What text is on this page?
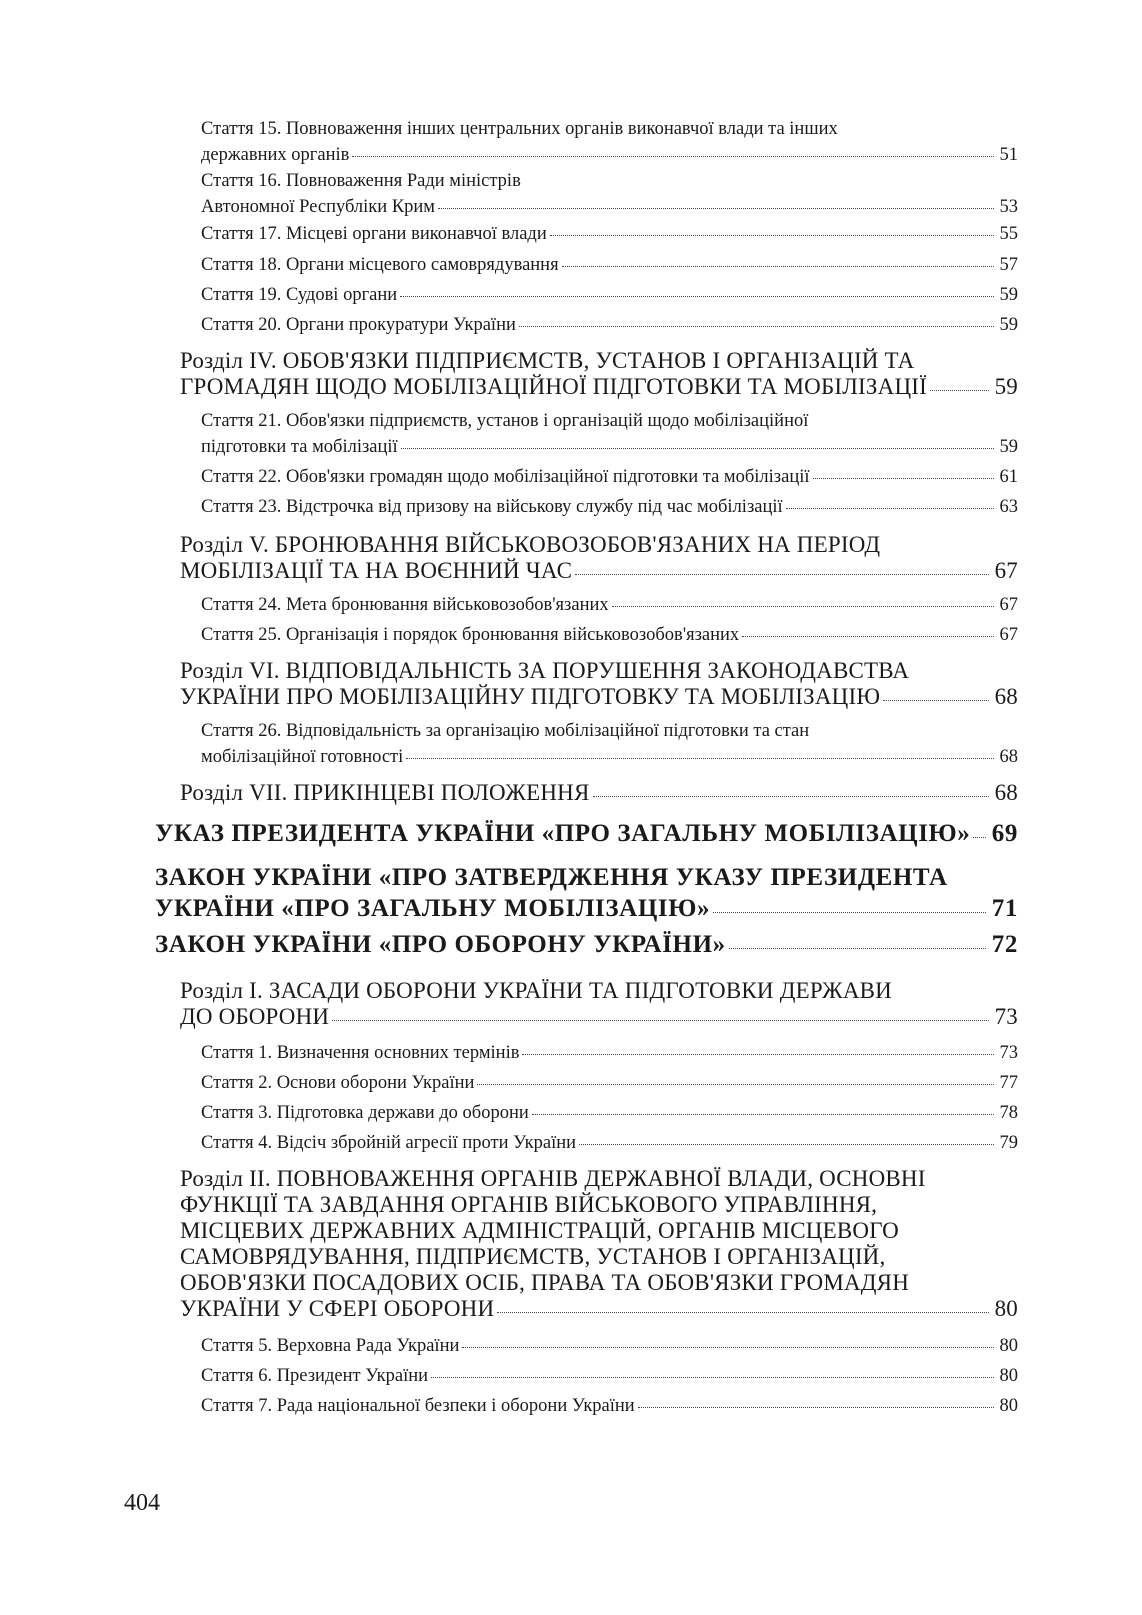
Стаття 15. Повноваження інших центральних органів виконавчої влади та інших
державних органів	51
Стаття 16. Повноваження Ради міністрів
Автономної Республіки Крим	53
Стаття 17. Місцеві органи виконавчої влади	55
Стаття 18. Органи місцевого самоврядування	57
Стаття 19. Судові органи	59
Стаття 20. Органи прокуратури України	59
Розділ IV. ОБОВ'ЯЗКИ ПІДПРИЄМСТВ, УСТАНОВ І ОРГАНІЗАЦІЙ ТА
ГРОМАДЯН ЩОДО МОБІЛІЗАЦІЙНОЇ ПІДГОТОВКИ ТА МОБІЛІЗАЦІЇ	59
Стаття 21. Обов'язки підприємств, установ і організацій щодо мобілізаційної
підготовки та мобілізації	59
Стаття 22. Обов'язки громадян щодо мобілізаційної підготовки та мобілізації	61
Стаття 23. Відстрочка від призову на військову службу під час мобілізації	63
Розділ V. БРОНЮВАННЯ ВІЙСЬКОВОЗОБОВ'ЯЗАНИХ НА ПЕРІОД
МОБІЛІЗАЦІЇ ТА НА ВОЄННИЙ ЧАС	67
Стаття 24. Мета бронювання військовозобов'язаних	67
Стаття 25. Організація і порядок бронювання військовозобов'язаних	67
Розділ VI. ВІДПОВІДАЛЬНІСТЬ ЗА ПОРУШЕННЯ ЗАКОНОДАВСТВА
УКРАЇНИ ПРО МОБІЛІЗАЦІЙНУ ПІДГОТОВКУ ТА МОБІЛІЗАЦІЮ	68
Стаття 26. Відповідальність за організацію мобілізаційної підготовки та стан
мобілізаційної готовності	68
Розділ VII. ПРИКІНЦЕВІ ПОЛОЖЕННЯ	68
УКАЗ ПРЕЗИДЕНТА УКРАЇНИ «ПРО ЗАГАЛЬНУ МОБІЛІЗАЦІЮ» 69
ЗАКОН УКРАЇНИ «ПРО ЗАТВЕРДЖЕННЯ УКАЗУ ПРЕЗИДЕНТА
УКРАЇНИ «ПРО ЗАГАЛЬНУ МОБІЛІЗАЦІЮ»	71
ЗАКОН УКРАЇНИ «ПРО ОБОРОНУ УКРАЇНИ»	72
Розділ I. ЗАСАДИ ОБОРОНИ УКРАЇНИ ТА ПІДГОТОВКИ ДЕРЖАВИ
ДО ОБОРОНИ	73
Стаття 1. Визначення основних термінів	73
Стаття 2. Основи оборони України	77
Стаття 3. Підготовка держави до оборони	78
Стаття 4. Відсіч збройній агресії проти України	79
Розділ II. ПОВНОВАЖЕННЯ ОРГАНІВ ДЕРЖАВНОЇ ВЛАДИ, ОСНОВНІ
ФУНКЦІЇ ТА ЗАВДАННЯ ОРГАНІВ ВІЙСЬКОВОГО УПРАВЛІННЯ,
МІСЦЕВИХ ДЕРЖАВНИХ АДМІНІСТРАЦІЙ, ОРГАНІВ МІСЦЕВОГО
САМОВРЯДУВАННЯ, ПІДПРИЄМСТВ, УСТАНОВ І ОРГАНІЗАЦІЙ,
ОБОВ'ЯЗКИ ПОСАДОВИХ ОСІБ, ПРАВА ТА ОБОВ'ЯЗКИ ГРОМАДЯН
УКРАЇНИ У СФЕРІ ОБОРОНИ	80
Стаття 5. Верховна Рада України	80
Стаття 6. Президент України	80
Стаття 7. Рада національної безпеки і оборони України	80
404
